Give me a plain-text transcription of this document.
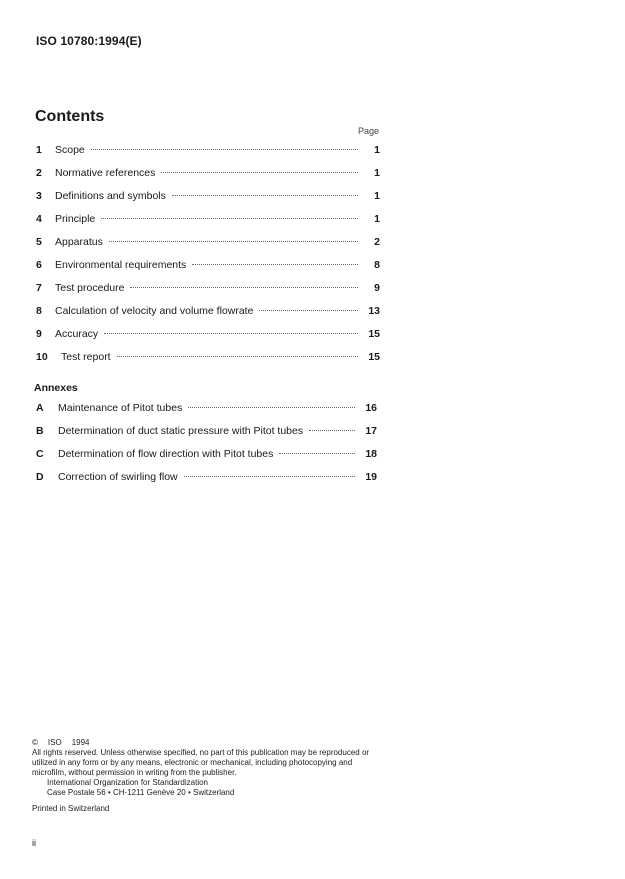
ISO 10780:1994(E)
Contents
Page
1	Scope	1
2	Normative references	1
3	Definitions and symbols	1
4	Principle	1
5	Apparatus	2
6	Environmental requirements	8
7	Test procedure	9
8	Calculation of velocity and volume flowrate	13
9	Accuracy	15
10	Test report	15
Annexes
A	Maintenance of Pitot tubes	16
B	Determination of duct static pressure with Pitot tubes	17
C	Determination of flow direction with Pitot tubes	18
D	Correction of swirling flow	19
© ISO 1994

All rights reserved. Unless otherwise specified, no part of this publication may be reproduced or utilized in any form or by any means, electronic or mechanical, including photocopying and microfilm, without permission in writing from the publisher.

International Organization for Standardization

Case Postale 56 • CH-1211 Genève 20 • Switzerland

Printed in Switzerland

ii
